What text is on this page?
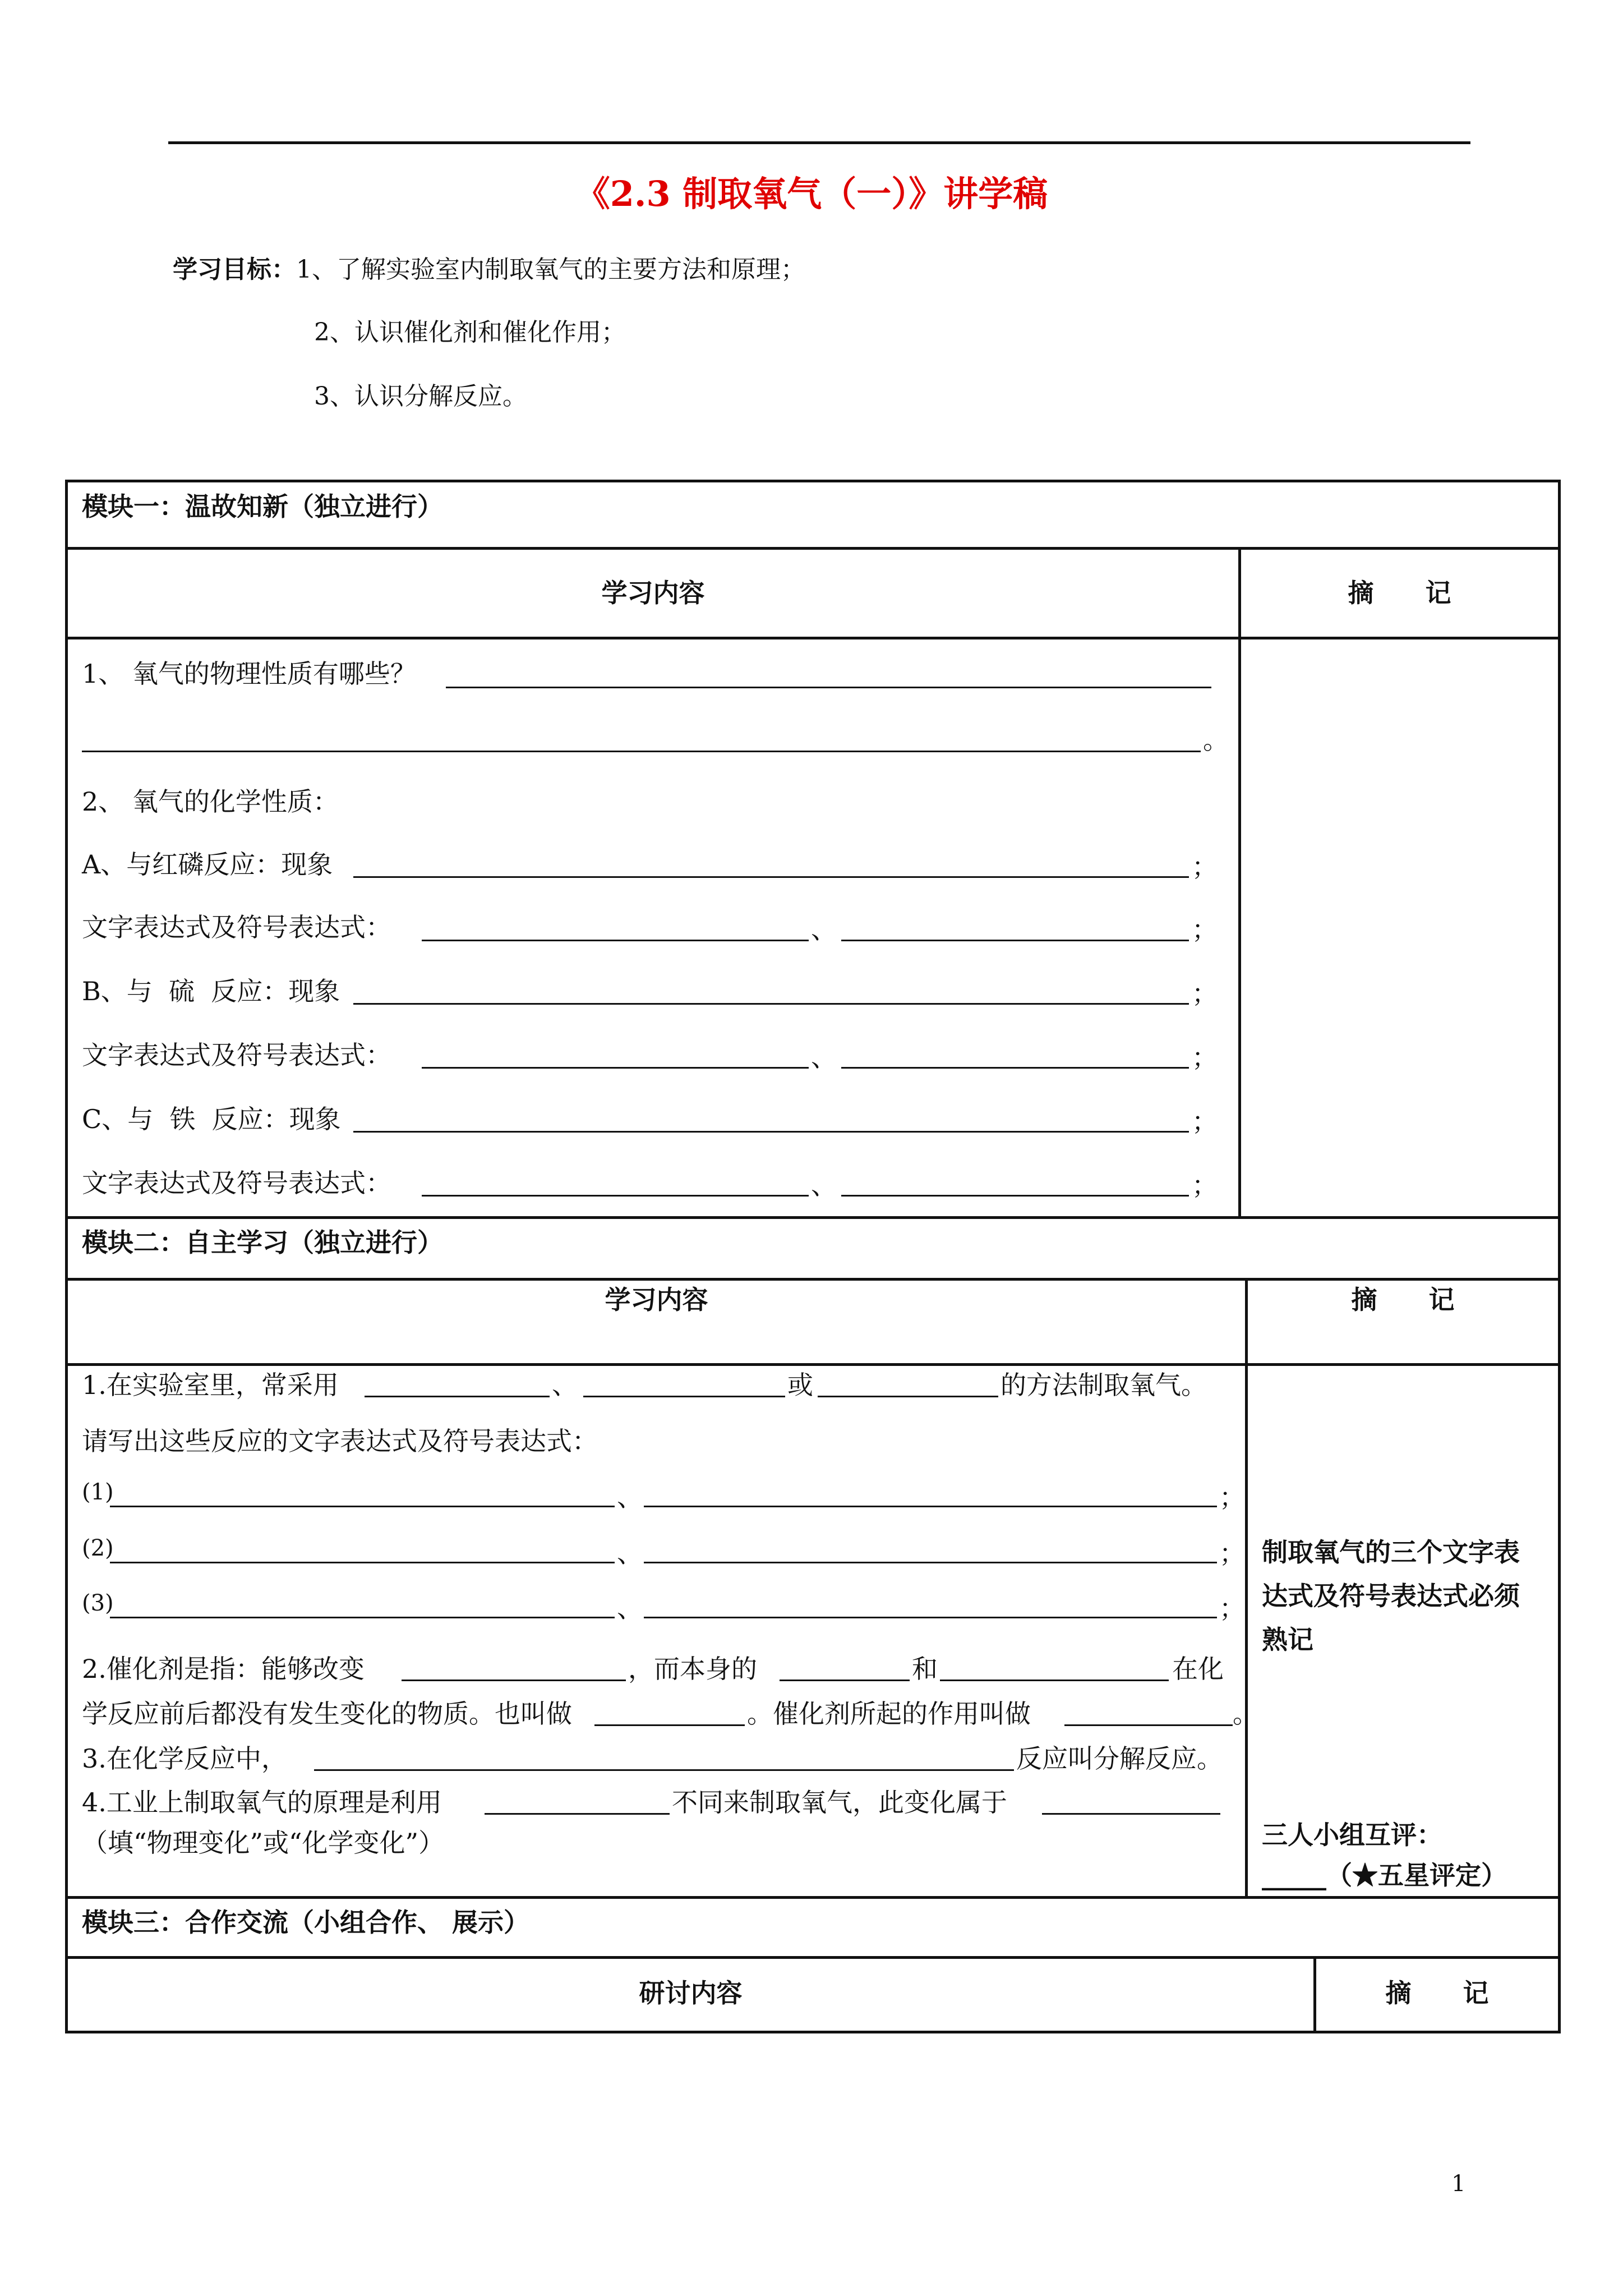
《2.3 制取氧气（一）》讲学稿
学习目标：1、了解实验室内制取氧气的主要方法和原理；
2、认识催化剂和催化作用；
3、认识分解反应。
模块一：温故知新（独立进行）
学习内容	摘　　记
1、 氧气的物理性质有哪些？
。
2、 氧气的化学性质：
A、与红磷反应：现象	；
文字表达式及符号表达式：	、	；
B、与  硫  反应：现象	；
文字表达式及符号表达式：	、	；
C、与  铁  反应：现象	；
文字表达式及符号表达式：	、	；
模块二：自主学习（独立进行）
学习内容	摘　　记
1.在实验室里，常采用	、	或	的方法制取氧气。
请写出这些反应的文字表达式及符号表达式：
(1)	、	；
(2)	、	；
(3)	、	；
2.催化剂是指：能够改变	，而本身的	和	在化
学反应前后都没有发生变化的物质。也叫做	。催化剂所起的作用叫做	。
3.在化学反应中，	反应叫分解反应。
4.工业上制取氧气的原理是利用	不同来制取氧气，此变化属于
（填“物理变化”或“化学变化”）
制取氧气的三个文字表达式及符号表达式必须熟记
三人小组互评：
_____（★五星评定）
模块三：合作交流（小组合作、 展示）
研讨内容	摘　　记
1
